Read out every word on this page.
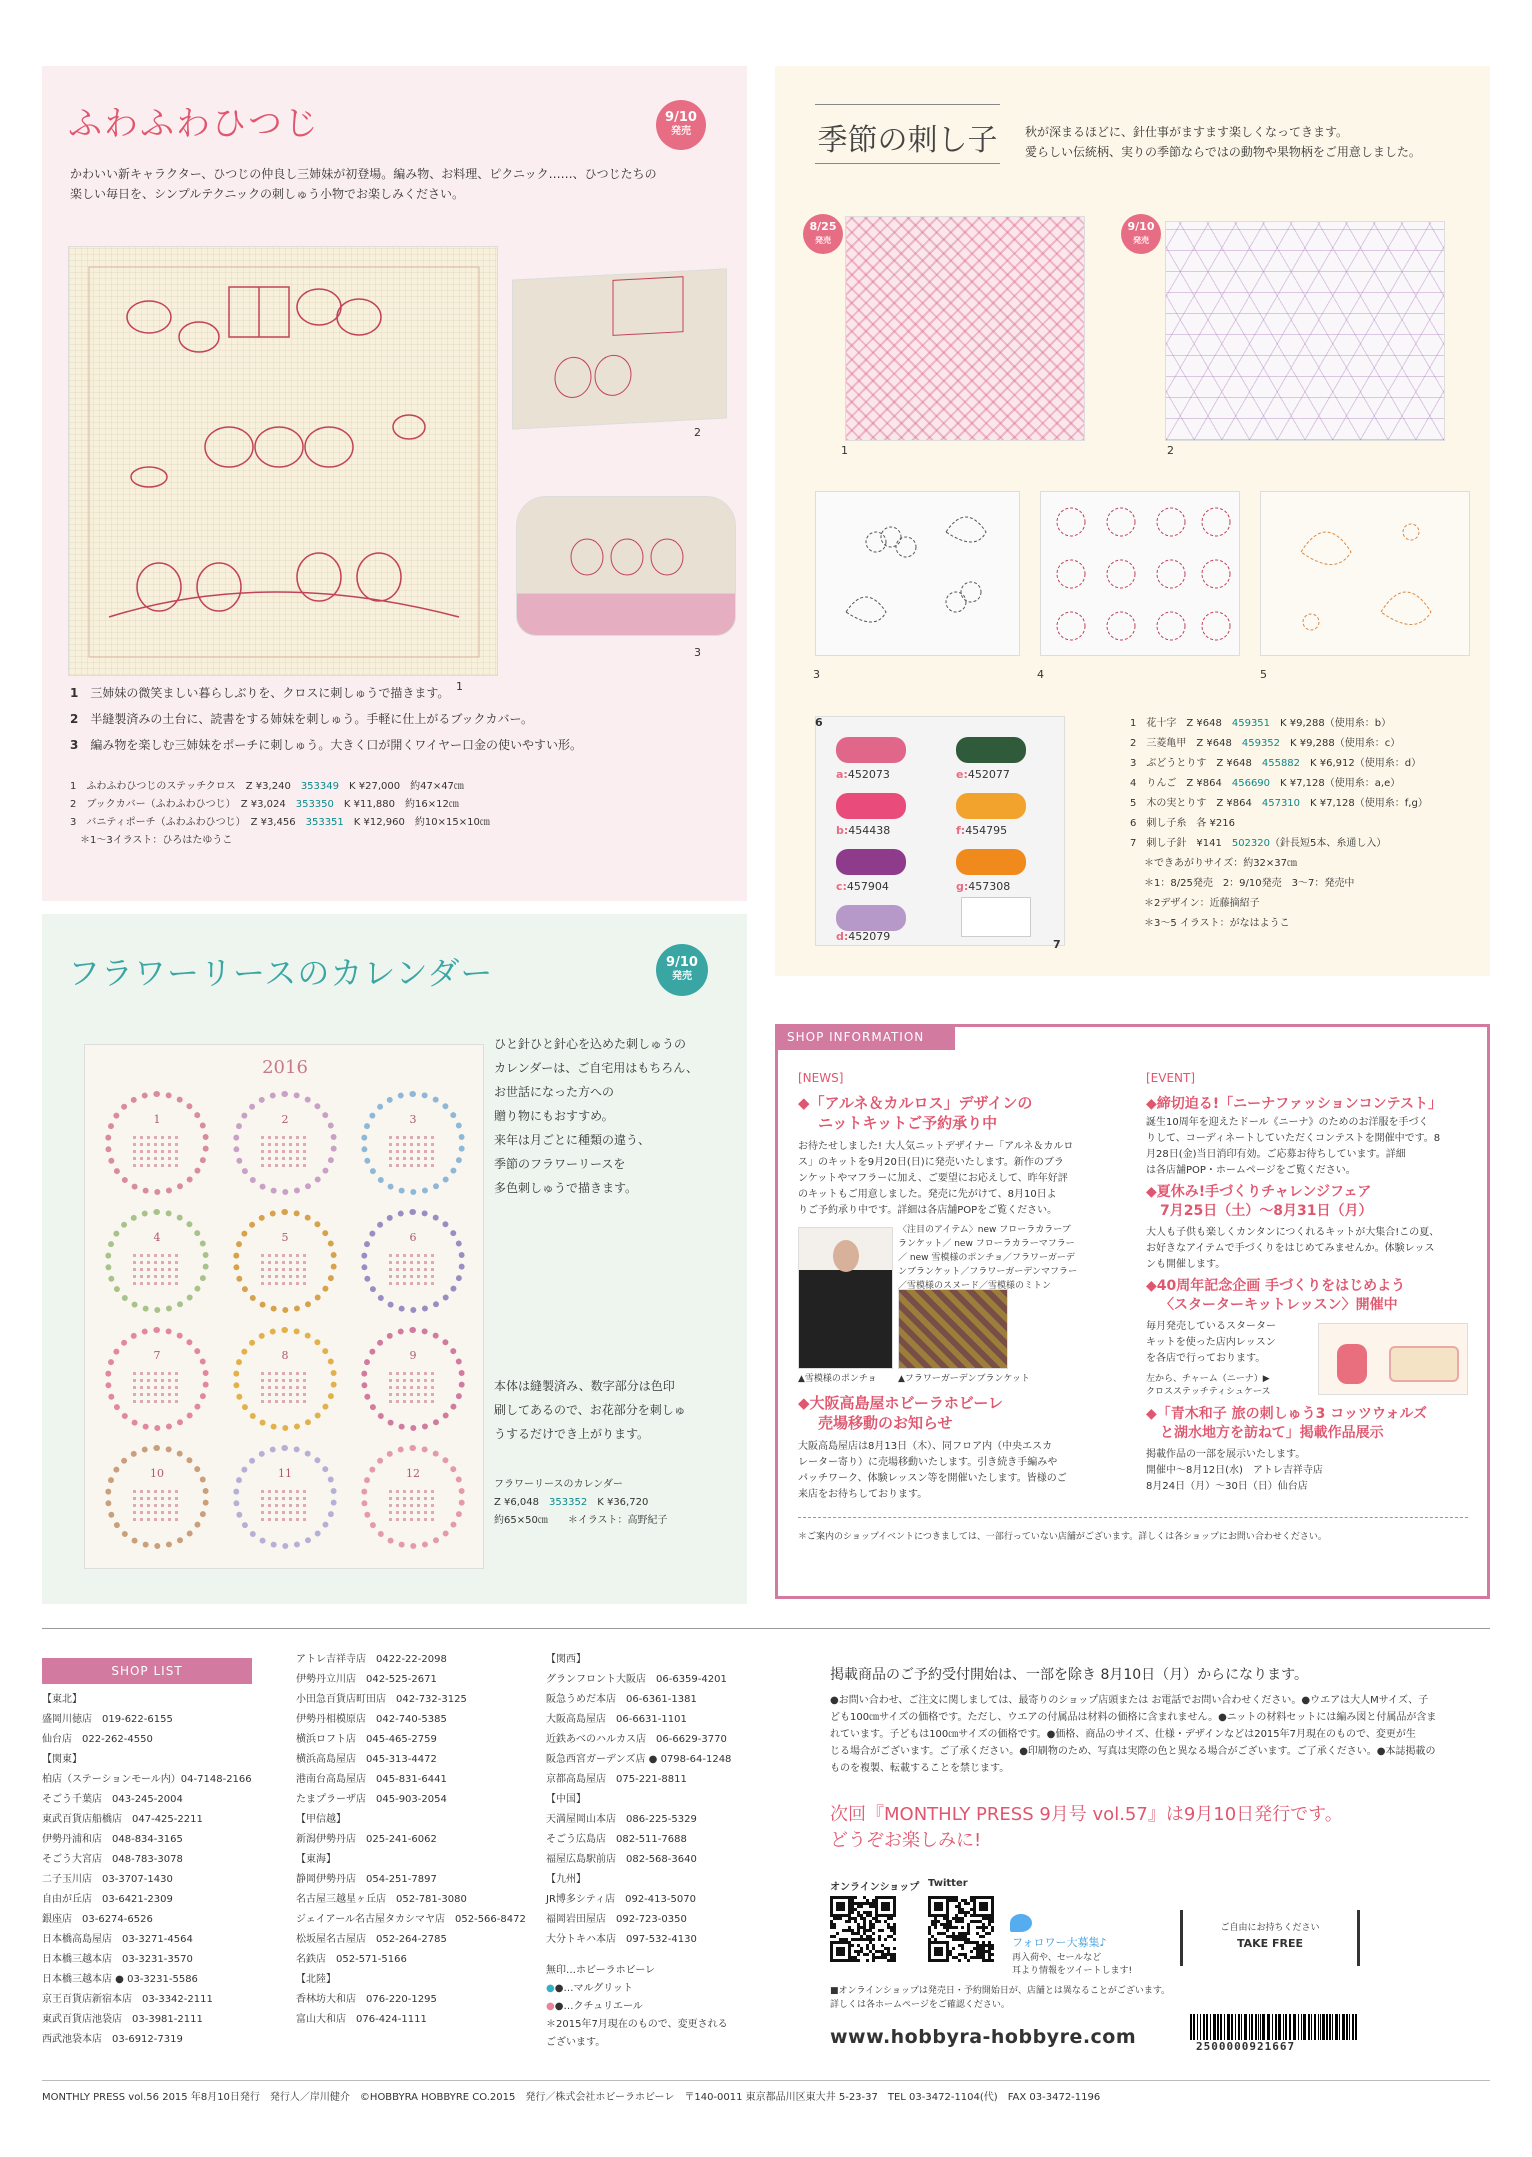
ふわふわひつじ	9/10
発売
かわいい新キャラクター、ひつじの仲良し三姉妹が初登場。編み物、お料理、ピクニック……、ひつじたちの
楽しい毎日を、シンプルテクニックの刺しゅう小物でお楽しみください。
1
2
3
1　 三姉妹の微笑ましい暮らしぶりを、クロスに刺しゅうで描きます。
2　 半縫製済みの土台に、読書をする姉妹を刺しゅう。手軽に仕上がるブックカバー。
3　 編み物を楽しむ三姉妹をポーチに刺しゅう。大きく口が開くワイヤー口金の使いやすい形。
1　 ふわふわひつじのステッチクロス　 Z ¥3,240　 353349　 K ¥27,000　 約47×47㎝
2　 ブックカバー（ふわふわひつじ）　 Z ¥3,024　 353350　 K ¥11,880　 約16×12㎝
3　 バニティポーチ（ふわふわひつじ）　 Z ¥3,456　 353351　 K ¥12,960　 約10×15×10㎝
＊1～3イラスト：ひろはたゆうこ
季節の刺し子 秋が深まるほどに、針仕事がますます楽しくなってきます。
愛らしい伝統柄、実りの季節ならではの動物や果物柄をご用意しました。
8/25
発売
1
9/10
発売
2
3	4	5
a:452073	e:452077
b:454438	f:454795
c:457904	g:457308
d:452079
6
7
1　 花十字　 Z ¥648　 459351　 K ¥9,288（使用糸：b）
2　 三菱亀甲　 Z ¥648　 459352　 K ¥9,288（使用糸：c）
3　 ぶどうとりす　 Z ¥648　 455882　 K ¥6,912（使用糸：d）
4　 りんご　 Z ¥864　 456690　 K ¥7,128（使用糸：a,e）
5　 木の実とりす　 Z ¥864　 457310　 K ¥7,128（使用糸：f,g）
6　 刺し子糸　 各 ¥216
7　 刺し子針　 ¥141　 502320（針長短5本、糸通し入）
＊できあがりサイズ：約32×37㎝
＊1：8/25発売　2：9/10発売　3～7：発売中
＊2デザイン：近藤摘紹子
＊3～5 イラスト：がなはようこ
フラワーリースのカレンダー	9/10
発売
2016
1	2	3
4	5	6
7	8	9
10	11	12
ひと針ひと針心を込めた刺しゅうの
カレンダーは、ご自宅用はもちろん、
お世話になった方への
贈り物にもおすすめ。
来年は月ごとに種類の違う、
季節のフラワーリースを
多色刺しゅうで描きます。
本体は縫製済み、数字部分は色印
刷してあるので、お花部分を刺しゅ
うするだけでき上がります。
フラワーリースのカレンダー
Z ¥6,048　 353352　 K ¥36,720
約65×50㎝　　 ＊イラスト：高野紀子
SHOP INFORMATION
[NEWS]	[EVENT]
◆「アルネ＆カルロス」デザインの
ニットキットご予約承り中
お待たせしました! 大人気ニットデザイナー「アルネ＆カルロ
ス」のキットを9月20日(日)に発売いたします。新作のブラ
ンケットやマフラーに加え、ご要望にお応えして、昨年好評
のキットもご用意しました。発売に先がけて、8月10日よ
りご予約承り中です。詳細は各店舗POPをご覧ください。
〈注目のアイテム〉new フローラカラーブ
ランケット／ new フローラカラーマフラー
／ new 雪模様のポンチョ／フラワーガーデ
ンブランケット／フラワーガーデンマフラー
／雪模様のスヌード／雪模様のミトン
▲雪模様のポンチョ ▲フラワーガーデンブランケット
◆大阪高島屋ホビーラホビーレ
売場移動のお知らせ
大阪高島屋店は8月13日（木）、同フロア内（中央エスカ
レーター寄り）に売場移動いたします。引き続き手編みや
パッチワーク、体験レッスン等を開催いたします。皆様のご
来店をお待ちしております。
◆締切迫る!「ニーナファッションコンテスト」
誕生10周年を迎えたドール《ニーナ》のためのお洋服を手づく
りして、コーディネートしていただくコンテストを開催中です。8
月28日(金)当日消印有効。ご応募お待ちしています。詳細
は各店舗POP・ホームページをご覧ください。
◆夏休み!手づくりチャレンジフェア
7月25日（土）～8月31日（月）
大人も子供も楽しくカンタンにつくれるキットが大集合!この夏、
お好きなアイテムで手づくりをはじめてみませんか。体験レッス
ンも開催します。
◆40周年記念企画 手づくりをはじめよう
〈スターターキットレッスン〉開催中
毎月発売しているスターター
キットを使った店内レッスン
を各店で行っております。
左から、チャーム（ニーナ）▶
クロスステッチティシュケース
◆「青木和子 旅の刺しゅう3 コッツウォルズ
と湖水地方を訪ねて」掲載作品展示
掲載作品の一部を展示いたします。
開催中～8月12日(水)　アトレ吉祥寺店
8月24日（月）～30日（日）仙台店
＊ご案内のショップイベントにつきましては、一部行っていない店舗がございます。詳しくは各ショップにお問い合わせください。
SHOP LIST
【東北】
盛岡川徳店　019-622-6155
仙台店　022-262-4550
【関東】
柏店（ステーションモール内）04-7148-2166
そごう千葉店　043-245-2004
東武百貨店船橋店　047-425-2211
伊勢丹浦和店　048-834-3165
そごう大宮店　048-783-3078
二子玉川店　03-3707-1430
自由が丘店　03-6421-2309
銀座店　03-6274-6526
日本橋高島屋店　03-3271-4564
日本橋三越本店　03-3231-3570
日本橋三越本店 ● 03-3231-5586
京王百貨店新宿本店　03-3342-2111
東武百貨店池袋店　03-3981-2111
西武池袋本店　03-6912-7319
アトレ吉祥寺店　0422-22-2098
伊勢丹立川店　042-525-2671
小田急百貨店町田店　042-732-3125
伊勢丹相模原店　042-740-5385
横浜ロフト店　045-465-2759
横浜高島屋店　045-313-4472
港南台高島屋店　045-831-6441
たまプラーザ店　045-903-2054
【甲信越】
新潟伊勢丹店　025-241-6062
【東海】
静岡伊勢丹店　054-251-7897
名古屋三越星ヶ丘店　052-781-3080
ジェイアール名古屋タカシマヤ店　052-566-8472
松坂屋名古屋店　052-264-2785
名鉄店　052-571-5166
【北陸】
香林坊大和店　076-220-1295
富山大和店　076-424-1111
【関西】
グランフロント大阪店　06-6359-4201
阪急うめだ本店　06-6361-1381
大阪高島屋店　06-6631-1101
近鉄あべのハルカス店　06-6629-3770
阪急西宮ガーデンズ店 ● 0798-64-1248
京都高島屋店　075-221-8811
【中国】
天満屋岡山本店　086-225-5329
そごう広島店　082-511-7688
福屋広島駅前店　082-568-3640
【九州】
JR博多シティ店　092-413-5070
福岡岩田屋店　092-723-0350
大分トキハ本店　097-532-4130
無印…ホビーラホビーレ
●●…マルグリット
●●…クチュリエール
＊2015年7月現在のもので、変更される
ございます。
掲載商品のご予約受付開始は、一部を除き 8月10日（月）からになります。
●お問い合わせ、ご注文に関しましては、最寄りのショップ店頭または お電話でお問い合わせください。●ウエアは大人Mサイズ、子
ども100㎝サイズの価格です。ただし、ウエアの付属品は材料の価格に含まれません。●ニットの材料セットには編み図と付属品が含ま
れています。子どもは100㎝サイズの価格です。●価格、商品のサイズ、仕様・デザインなどは2015年7月現在のもので、変更が生
じる場合がございます。ご了承ください。●印刷物のため、写真は実際の色と異なる場合がございます。ご了承ください。●本誌掲載の
ものを複製、転載することを禁じます。
次回『MONTHLY PRESS 9月号 vol.57』は9月10日発行です。
どうぞお楽しみに!
オンラインショップ Twitter
フォロワー大募集♪
再入荷や、セールなど
耳より情報をツイートします!
ご自由にお持ちください
TAKE FREE
■オンラインショップは発売日・予約開始日が、店舗とは異なることがございます。
詳しくは各ホームページをご確認ください。
www.hobbyra-hobbyre.com	2500000921667
MONTHLY PRESS vol.56 2015 年8月10日発行　発行人／岸川健介　©HOBBYRA HOBBYRE CO.2015　発行／株式会社ホビーラホビーレ　〒140-0011 東京都品川区東大井 5-23-37　TEL 03-3472-1104(代)　FAX 03-3472-1196
